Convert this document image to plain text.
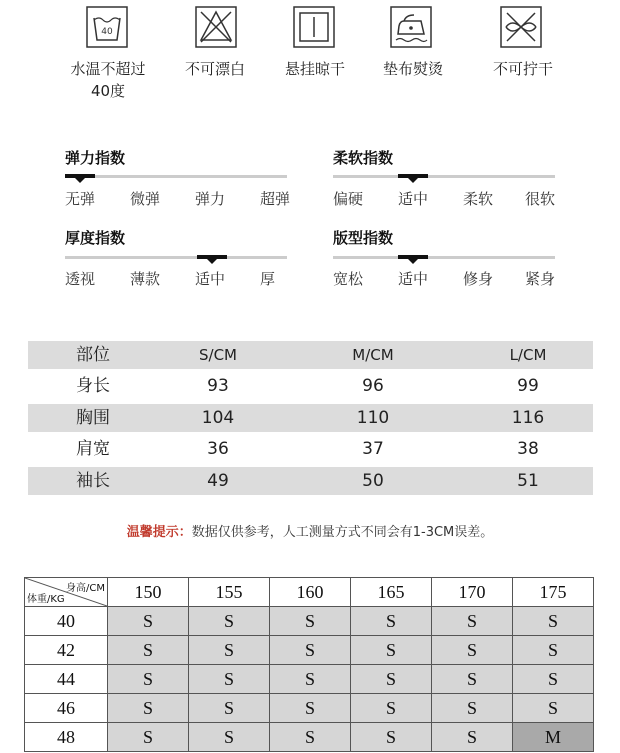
40
水温不超过
40度
不可漂白	悬挂晾干	垫布熨烫	不可拧干
弹力指数
无弹 微弹 弹力 超弹
柔软指数
偏硬 适中 柔软 很软
厚度指数
透视 薄款 适中 厚
版型指数
宽松 适中 修身 紧身
部位	S/CM	M/CM	L/CM
身长	93	96	99
胸围	104	110	116
肩宽	36	37	38
袖长	49	50	51
温馨提示：数据仅供参考，人工测量方式不同会有1-3CM误差。
身高/CM
体重/KG	150	155	160	165	170	175
40	S	S	S	S	S	S
42	S	S	S	S	S	S
44	S	S	S	S	S	S
46	S	S	S	S	S	S
48	S	S	S	S	S	M
